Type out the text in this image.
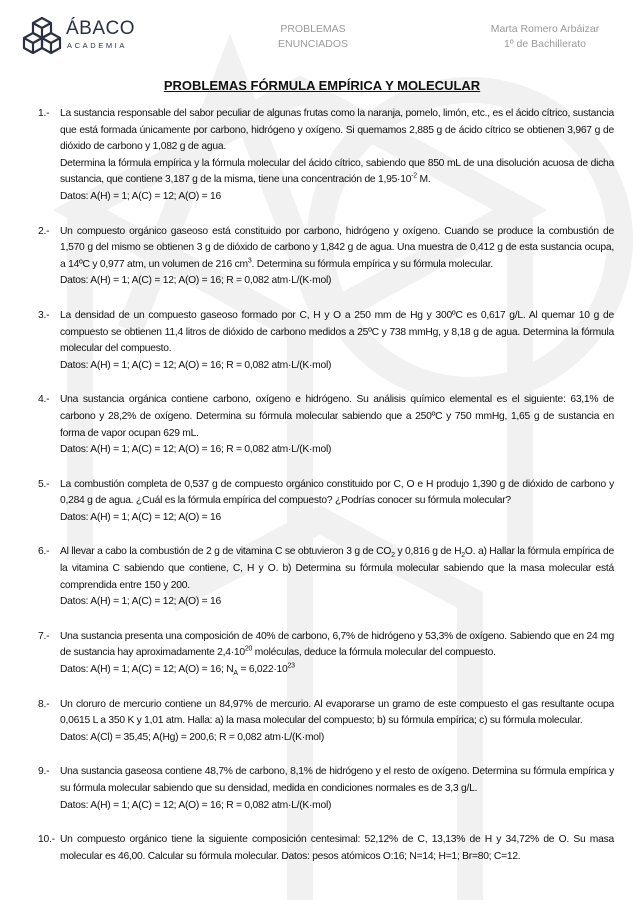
ÁBACO
ACADEMIA
PROBLEMAS
ENUNCIADOS
Marta Romero Arbáizar
1º de Bachillerato
PROBLEMAS FÓRMULA EMPÍRICA Y MOLECULAR
1.- La sustancia responsable del sabor peculiar de algunas frutas como la naranja, pomelo, limón, etc., es el ácido cítrico, sustancia que está formada únicamente por carbono, hidrógeno y oxígeno. Si quemamos 2,885 g de ácido cítrico se obtienen 3,967 g de dióxido de carbono y 1,082 g de agua.

Determina la fórmula empírica y la fórmula molecular del ácido cítrico, sabiendo que 850 mL de una disolución acuosa de dicha sustancia, que contiene 3,187 g de la misma, tiene una concentración de $1,95\cdot 10^{-2}$ M.

Datos: A(H) = 1; A(C) = 12; A(O) = 16

2.- Un compuesto orgánico gaseoso está constituido por carbono, hidrógeno y oxígeno. Cuando se produce la combustión de 1,570 g del mismo se obtienen 3 g de dióxido de carbono y 1,842 g de agua. Una muestra de 0,412 g de esta sustancia ocupa, a 14ºC y 0,977 atm, un volumen de 216 $cm^3$. Determina su fórmula empírica y su fórmula molecular.

Datos: A(H) = 1; A(C) = 12; A(O) = 16; R = 0,082 atm·L/(K·mol)

3.- La densidad de un compuesto gaseoso formado por C, H y O a 250 mm de Hg y 300ºC es 0,617 g/L. Al quemar 10 g de compuesto se obtienen 11,4 litros de dióxido de carbono medidos a 25ºC y 738 mmHg, y 8,18 g de agua. Determina la fórmula molecular del compuesto.

Datos: A(H) = 1; A(C) = 12; A(O) = 16; R = 0,082 atm·L/(K·mol)

4.- Una sustancia orgánica contiene carbono, oxígeno e hidrógeno. Su análisis químico elemental es el siguiente: 63,1% de carbono y 28,2% de oxígeno. Determina su fórmula molecular sabiendo que a 250ºC y 750 mmHg, 1,65 g de sustancia en forma de vapor ocupan 629 mL.

Datos: A(H) = 1; A(C) = 12; A(O) = 16; R = 0,082 atm·L/(K·mol)

5.- La combustión completa de 0,537 g de compuesto orgánico constituido por C, O e H produjo 1,390 g de dióxido de carbono y 0,284 g de agua. ¿Cuál es la fórmula empírica del compuesto? ¿Podrías conocer su fórmula molecular?

Datos: A(H) = 1; A(C) = 12; A(O) = 16

6.- Al llevar a cabo la combustión de 2 g de vitamina C se obtuvieron 3 g de $CO_2$ y 0,816 g de $H_2O$. a) Hallar la fórmula empírica de la vitamina C sabiendo que contiene, C, H y O. b) Determina su fórmula molecular sabiendo que la masa molecular está comprendida entre 150 y 200.

Datos: A(H) = 1; A(C) = 12; A(O) = 16

7.- Una sustancia presenta una composición de 40% de carbono, 6,7% de hidrógeno y 53,3% de oxígeno. Sabiendo que en 24 mg de sustancia hay aproximadamente $2,4\cdot 10^{20}$ moléculas, deduce la fórmula molecular del compuesto.

Datos: A(H) = 1; A(C) = 12; A(O) = 16; $N_A = 6,022\cdot 10^{23}$

8.- Un cloruro de mercurio contiene un 84,97% de mercurio. Al evaporarse un gramo de este compuesto el gas resultante ocupa 0,0615 L a 350 K y 1,01 atm. Halla: a) la masa molecular del compuesto; b) su fórmula empírica; c) su fórmula molecular.

Datos: A(Cl) = 35,45; A(Hg) = 200,6; R = 0,082 atm·L/(K·mol)

9.- Una sustancia gaseosa contiene 48,7% de carbono, 8,1% de hidrógeno y el resto de oxígeno. Determina su fórmula empírica y su fórmula molecular sabiendo que su densidad, medida en condiciones normales es de 3,3 g/L.

Datos: A(H) = 1; A(C) = 12; A(O) = 16; R = 0,082 atm·L/(K·mol)

10.- Un compuesto orgánico tiene la siguiente composición centesimal: 52,12% de C, 13,13% de H y 34,72% de O. Su masa molecular es 46,00. Calcular su fórmula molecular. Datos: pesos atómicos O:16; N=14; H=1; Br=80; C=12.
